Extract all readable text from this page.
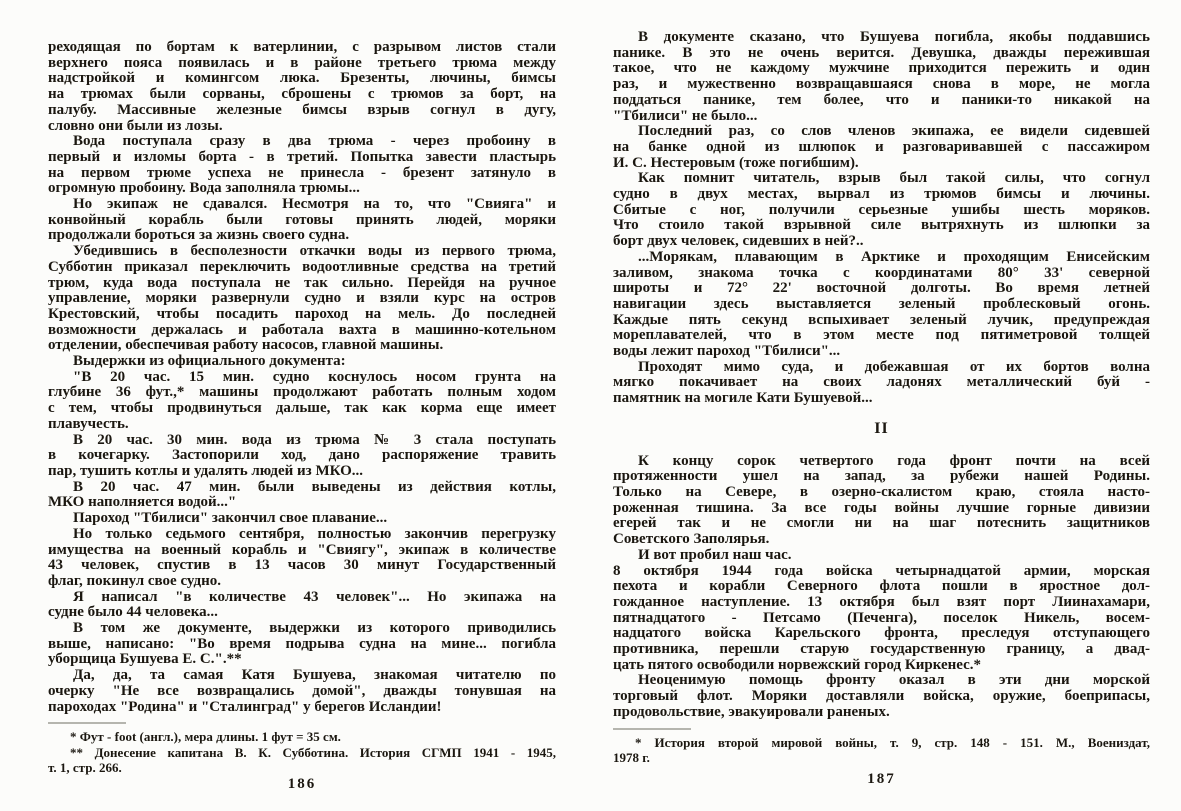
реходящая по бортам к ватерлинии, с разрывом листов стали
верхнего пояса появилась и в районе третьего трюма между
надстройкой и комингсом люка. Брезенты, лючины, бимсы
на трюмах были сорваны, сброшены с трюмов за борт, на
палубу. Массивные железные бимсы взрыв согнул в дугу,
словно они были из лозы.
Вода поступала сразу в два трюма - через пробоину в
первый и изломы борта - в третий. Попытка завести пластырь
на первом трюме успеха не принесла - брезент затянуло в
огромную пробоину. Вода заполняла трюмы...
Но экипаж не сдавался. Несмотря на то, что "Свияга" и
конвойный корабль были готовы принять людей, моряки
продолжали бороться за жизнь своего судна.
Убедившись в бесполезности откачки воды из первого трюма,
Субботин приказал переключить водоотливные средства на третий
трюм, куда вода поступала не так сильно. Перейдя на ручное
управление, моряки развернули судно и взяли курс на остров
Крестовский, чтобы посадить пароход на мель. До последней
возможности держалась и работала вахта в машинно-котельном
отделении, обеспечивая работу насосов, главной машины.
Выдержки из официального документа:
"В 20 час. 15 мин. судно коснулось носом грунта на
глубине 36 фут.,* машины продолжают работать полным ходом
с тем, чтобы продвинуться дальше, так как корма еще имеет
плавучесть.
В 20 час. 30 мин. вода из трюма № 3 стала поступать
в кочегарку. Застопорили ход, дано распоряжение травить
пар, тушить котлы и удалять людей из МКО...
В 20 час. 47 мин. были выведены из действия котлы,
МКО наполняется водой..."
Пароход "Тбилиси" закончил свое плавание...
Но только седьмого сентября, полностью закончив перегрузку
имущества на военный корабль и "Свиягу", экипаж в количестве
43 человек, спустив в 13 часов 30 минут Государственный
флаг, покинул свое судно.
Я написал "в количестве 43 человек"... Но экипажа на
судне было 44 человека...
В том же документе, выдержки из которого приводились
выше, написано: "Во время подрыва судна на мине... погибла
уборщица Бушуева Е. С.".**
Да, да, та самая Катя Бушуева, знакомая читателю по
очерку "Не все возвращались домой", дважды тонувшая на
пароходах "Родина" и "Сталинград" у берегов Исландии!
* Фут - foot (англ.), мера длины. 1 фут = 35 см.
** Донесение капитана В. К. Субботина. История СГМП 1941 - 1945,
т. 1, стр. 266.
186
В документе сказано, что Бушуева погибла, якобы поддавшись
панике. В это не очень верится. Девушка, дважды пережившая
такое, что не каждому мужчине приходится пережить и один
раз, и мужественно возвращавшаяся снова в море, не могла
поддаться панике, тем более, что и паники-то никакой на
"Тбилиси" не было...
Последний раз, со слов членов экипажа, ее видели сидевшей
на банке одной из шлюпок и разговаривавшей с пассажиром
И. С. Нестеровым (тоже погибшим).
Как помнит читатель, взрыв был такой силы, что согнул
судно в двух местах, вырвал из трюмов бимсы и лючины.
Сбитые с ног, получили серьезные ушибы шесть моряков.
Что стоило такой взрывной силе вытряхнуть из шлюпки за
борт двух человек, сидевших в ней?..
...Морякам, плавающим в Арктике и проходящим Енисейским
заливом, знакома точка с координатами 80° 33' северной
широты и 72° 22' восточной долготы. Во время летней
навигации здесь выставляется зеленый проблесковый огонь.
Каждые пять секунд вспыхивает зеленый лучик, предупреждая
мореплавателей, что в этом месте под пятиметровой толщей
воды лежит пароход "Тбилиси"...
Проходят мимо суда, и добежавшая от их бортов волна
мягко покачивает на своих ладонях металлический буй -
памятник на могиле Кати Бушуевой...
II
К концу сорок четвертого года фронт почти на всей
протяженности ушел на запад, за рубежи нашей Родины.
Только на Севере, в озерно-скалистом краю, стояла насто-
роженная тишина. За все годы войны лучшие горные дивизии
егерей так и не смогли ни на шаг потеснить защитников
Советского Заполярья.
И вот пробил наш час.
8 октября 1944 года войска четырнадцатой армии, морская
пехота и корабли Северного флота пошли в яростное дол-
гожданное наступление. 13 октября был взят порт Лиинахамари,
пятнадцатого - Петсамо (Печенга), поселок Никель, восем-
надцатого войска Карельского фронта, преследуя отступающего
противника, перешли старую государственную границу, а двад-
цать пятого освободили норвежский город Киркенес.*
Неоценимую помощь фронту оказал в эти дни морской
торговый флот. Моряки доставляли войска, оружие, боеприпасы,
продовольствие, эвакуировали раненых.
* История второй мировой войны, т. 9, стр. 148 - 151. М., Воениздат,
1978 г.
187
